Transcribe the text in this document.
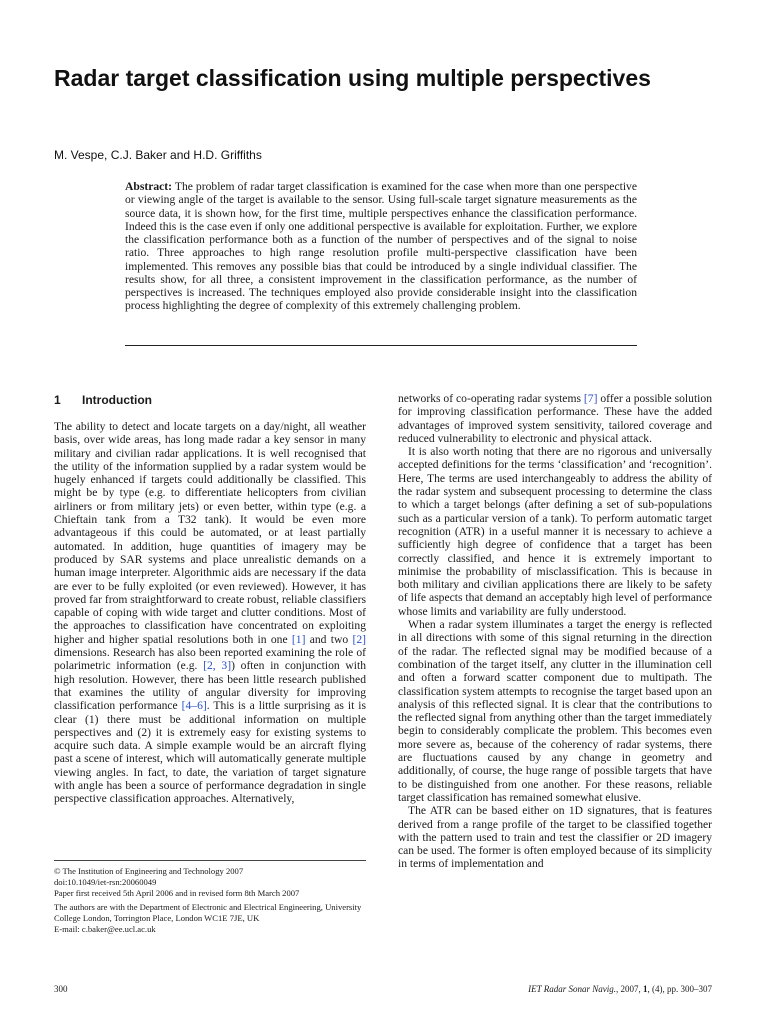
Radar target classification using multiple perspectives
M. Vespe, C.J. Baker and H.D. Griffiths
Abstract: The problem of radar target classification is examined for the case when more than one perspective or viewing angle of the target is available to the sensor. Using full-scale target signature measurements as the source data, it is shown how, for the first time, multiple perspectives enhance the classification performance. Indeed this is the case even if only one additional perspective is available for exploitation. Further, we explore the classification performance both as a function of the number of perspectives and of the signal to noise ratio. Three approaches to high range resolution profile multi-perspective classification have been implemented. This removes any possible bias that could be introduced by a single individual classifier. The results show, for all three, a consistent improvement in the classification performance, as the number of perspectives is increased. The techniques employed also provide considerable insight into the classification process highlighting the degree of complexity of this extremely challenging problem.
1 Introduction

The ability to detect and locate targets on a day/night, all weather basis, over wide areas, has long made radar a key sensor in many military and civilian radar applications. It is well recognised that the utility of the information supplied by a radar system would be hugely enhanced if targets could additionally be classified. This might be by type (e.g. to differentiate helicopters from civilian airliners or from military jets) or even better, within type (e.g. a Chieftain tank from a T32 tank). It would be even more advantageous if this could be automated, or at least partially automated. In addition, huge quantities of imagery may be produced by SAR systems and place unrealistic demands on a human image interpreter. Algorithmic aids are necessary if the data are ever to be fully exploited (or even reviewed). However, it has proved far from straightforward to create robust, reliable classifiers capable of coping with wide target and clutter conditions. Most of the approaches to classification have concentrated on exploiting higher and higher spatial resolutions both in one [1] and two [2] dimensions. Research has also been reported examining the role of polarimetric information (e.g. [2, 3]) often in conjunction with high resolution. However, there has been little research published that examines the utility of angular diversity for improving classification performance [4–6]. This is a little surprising as it is clear (1) there must be additional information on multiple perspectives and (2) it is extremely easy for existing systems to acquire such data. A simple example would be an aircraft flying past a scene of interest, which will automatically generate multiple viewing angles. In fact, to date, the variation of target signature with angle has been a source of performance degradation in single perspective classification approaches. Alternatively,

networks of co-operating radar systems [7] offer a possible solution for improving classification performance. These have the added advantages of improved system sensitivity, tailored coverage and reduced vulnerability to electronic and physical attack.

It is also worth noting that there are no rigorous and universally accepted definitions for the terms ‘classification’ and ‘recognition’. Here, The terms are used interchangeably to address the ability of the radar system and subsequent processing to determine the class to which a target belongs (after defining a set of sub-populations such as a particular version of a tank). To perform automatic target recognition (ATR) in a useful manner it is necessary to achieve a sufficiently high degree of confidence that a target has been correctly classified, and hence it is extremely important to minimise the probability of misclassification. This is because in both military and civilian applications there are likely to be safety of life aspects that demand an acceptably high level of performance whose limits and variability are fully understood.

When a radar system illuminates a target the energy is reflected in all directions with some of this signal returning in the direction of the radar. The reflected signal may be modified because of a combination of the target itself, any clutter in the illumination cell and often a forward scatter component due to multipath. The classification system attempts to recognise the target based upon an analysis of this reflected signal. It is clear that the contributions to the reflected signal from anything other than the target immediately begin to considerably complicate the problem. This becomes even more severe as, because of the coherency of radar systems, there are fluctuations caused by any change in geometry and additionally, of course, the huge range of possible targets that have to be distinguished from one another. For these reasons, reliable target classification has remained somewhat elusive.

The ATR can be based either on 1D signatures, that is features derived from a range profile of the target to be classified together with the pattern used to train and test the classifier or 2D imagery can be used. The former is often employed because of its simplicity in terms of implementation and

© The Institution of Engineering and Technology 2007
doi:10.1049/iet-rsn:20060049
Paper first received 5th April 2006 and in revised form 8th March 2007
The authors are with the Department of Electronic and Electrical Engineering, University College London, Torrington Place, London WC1E 7JE, UK
E-mail: c.baker@ee.ucl.ac.uk
300	IET Radar Sonar Navig., 2007, 1, (4), pp. 300–307
